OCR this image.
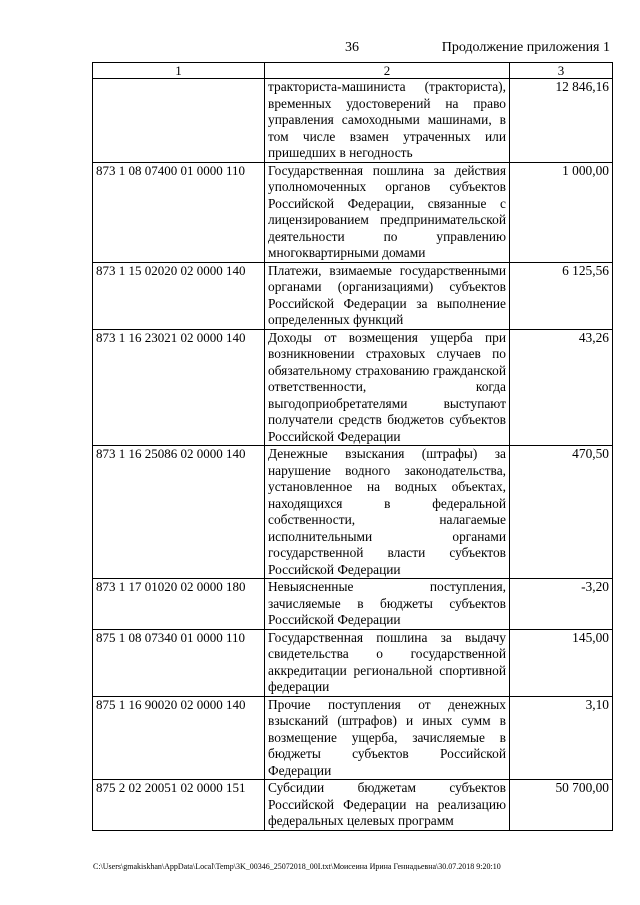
36	Продолжение приложения 1
1	2	3
	тракториста-машиниста (тракториста), временных удостоверений на право управления самоходными машинами, в том числе взамен утраченных или пришедших в негодность	12 846,16
873 1 08 07400 01 0000 110	Государственная пошлина за действия уполномоченных органов субъектов Российской Федерации, связанные с лицензированием предпринимательской деятельности по управлению многоквартирными домами	1 000,00
873 1 15 02020 02 0000 140	Платежи, взимаемые государственными органами (организациями) субъектов Российской Федерации за выполнение определенных функций	6 125,56
873 1 16 23021 02 0000 140	Доходы от возмещения ущерба при возникновении страховых случаев по обязательному страхованию гражданской ответственности, когда выгодоприобретателями выступают получатели средств бюджетов субъектов Российской Федерации	43,26
873 1 16 25086 02 0000 140	Денежные взыскания (штрафы) за нарушение водного законодательства, установленное на водных объектах, находящихся в федеральной собственности, налагаемые исполнительными органами государственной власти субъектов Российской Федерации	470,50
873 1 17 01020 02 0000 180	Невыясненные поступления, зачисляемые в бюджеты субъектов Российской Федерации	-3,20
875 1 08 07340 01 0000 110	Государственная пошлина за выдачу свидетельства о государственной аккредитации региональной спортивной федерации	145,00
875 1 16 90020 02 0000 140	Прочие поступления от денежных взысканий (штрафов) и иных сумм в возмещение ущерба, зачисляемые в бюджеты субъектов Российской Федерации	3,10
875 2 02 20051 02 0000 151	Субсидии бюджетам субъектов Российской Федерации на реализацию федеральных целевых программ	50 700,00
C:\Users\gmakiskhan\AppData\Local\Temp\3K_00346_25072018_00I.txt\Моисеина Ирина Геннадьевна\30.07.2018 9:20:10
